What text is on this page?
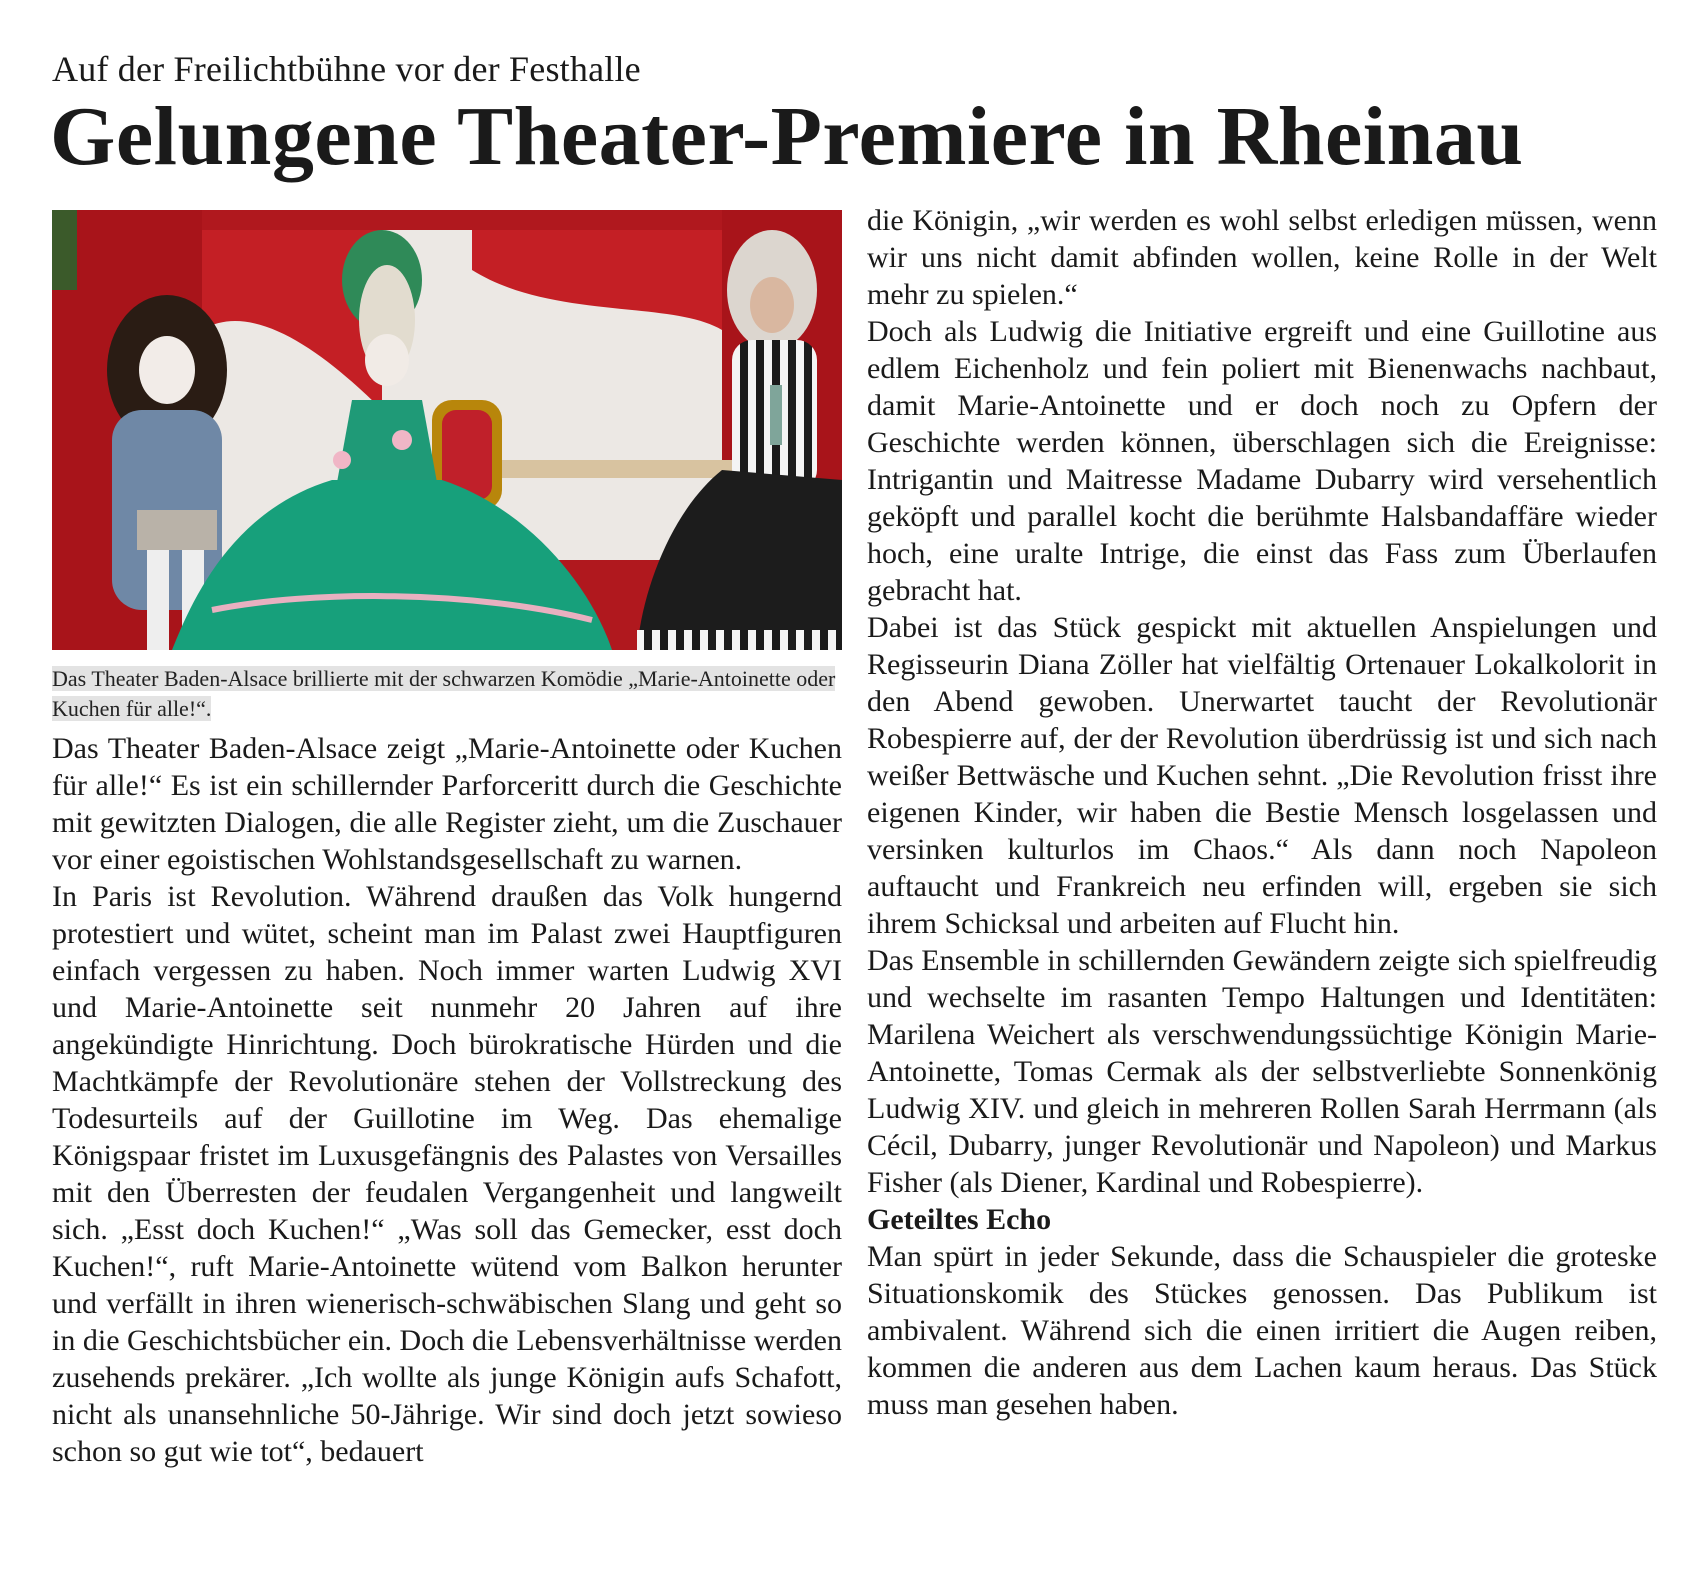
Auf der Freilichtbühne vor der Festhalle
Gelungene Theater-Premiere in Rheinau
Das Theater Baden-Alsace brillierte mit der schwarzen Komödie „Marie-Antoinette oder Kuchen für alle!“.

Das Theater Baden-Alsace zeigt „Marie-Antoinette oder Kuchen für alle!“ Es ist ein schillernder Parforceritt durch die Geschichte mit gewitzten Dialogen, die alle Register zieht, um die Zuschauer vor einer egoistischen Wohlstandsgesellschaft zu warnen.

In Paris ist Revolution. Während draußen das Volk hungernd protestiert und wütet, scheint man im Palast zwei Hauptfiguren einfach vergessen zu haben. Noch immer warten Ludwig XVI und Marie-Antoinette seit nunmehr 20 Jahren auf ihre angekündigte Hinrichtung. Doch bürokratische Hürden und die Machtkämpfe der Revolutionäre stehen der Vollstreckung des Todesurteils auf der Guillotine im Weg. Das ehemalige Königspaar fristet im Luxusgefängnis des Palastes von Versailles mit den Überresten der feudalen Vergangenheit und langweilt sich. „Esst doch Kuchen!“ „Was soll das Gemecker, esst doch Kuchen!“, ruft Marie-Antoinette wütend vom Balkon herunter und verfällt in ihren wienerisch-schwäbischen Slang und geht so in die Geschichtsbücher ein. Doch die Lebensverhältnisse werden zusehends prekärer. „Ich wollte als junge Königin aufs Schafott, nicht als unansehnliche 50-Jährige. Wir sind doch jetzt sowieso schon so gut wie tot“, bedauert

die Königin, „wir werden es wohl selbst erledigen müssen, wenn wir uns nicht damit abfinden wollen, keine Rolle in der Welt mehr zu spielen.“

Doch als Ludwig die Initiative ergreift und eine Guillotine aus edlem Eichenholz und fein poliert mit Bienenwachs nachbaut, damit Marie-Antoinette und er doch noch zu Opfern der Geschichte werden können, überschlagen sich die Ereignisse: Intrigantin und Maitresse Madame Dubarry wird versehentlich geköpft und parallel kocht die berühmte Halsbandaffäre wieder hoch, eine uralte Intrige, die einst das Fass zum Überlaufen gebracht hat.

Dabei ist das Stück gespickt mit aktuellen Anspielungen und Regisseurin Diana Zöller hat vielfältig Ortenauer Lokalkolorit in den Abend gewoben. Unerwartet taucht der Revolutionär Robespierre auf, der der Revolution überdrüssig ist und sich nach weißer Bettwäsche und Kuchen sehnt. „Die Revolution frisst ihre eigenen Kinder, wir haben die Bestie Mensch losgelassen und versinken kulturlos im Chaos.“ Als dann noch Napoleon auftaucht und Frankreich neu erfinden will, ergeben sie sich ihrem Schicksal und arbeiten auf Flucht hin.

Das Ensemble in schillernden Gewändern zeigte sich spielfreudig und wechselte im rasanten Tempo Haltungen und Identitäten: Marilena Weichert als verschwendungssüchtige Königin Marie-Antoinette, Tomas Cermak als der selbstverliebte Sonnenkönig Ludwig XIV. und gleich in mehreren Rollen Sarah Herrmann (als Cécil, Dubarry, junger Revolutionär und Napoleon) und Markus Fisher (als Diener, Kardinal und Robespierre).

Geteiltes Echo

Man spürt in jeder Sekunde, dass die Schauspieler die groteske Situationskomik des Stückes genossen. Das Publikum ist ambivalent. Während sich die einen irritiert die Augen reiben, kommen die anderen aus dem Lachen kaum heraus. Das Stück muss man gesehen haben.
